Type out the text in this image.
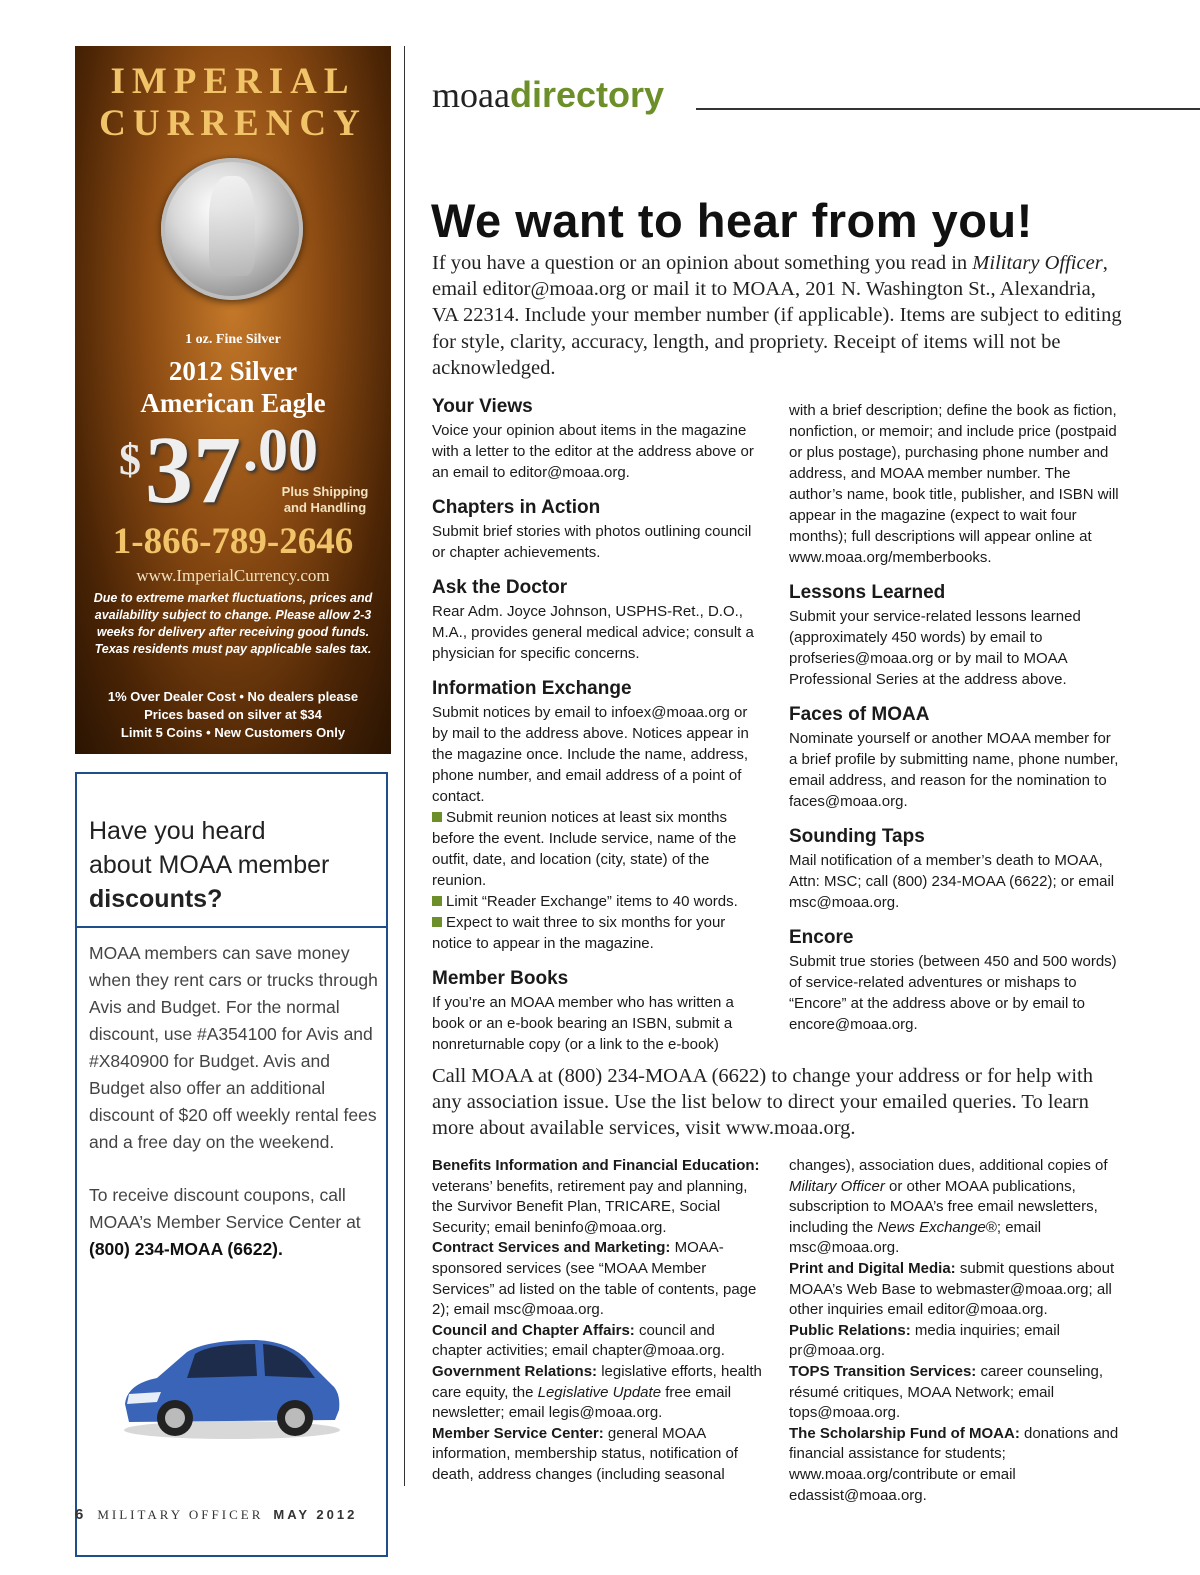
IMPERIAL
CURRENCY
1 oz. Fine Silver
2012 Silver
American Eagle
$ 37 .00
Plus Shipping and Handling
1-866-789-2646
www.ImperialCurrency.com
Due to extreme market fluctuations, prices and availability subject to change. Please allow 2-3 weeks for delivery after receiving good funds. Texas residents must pay applicable sales tax.
1% Over Dealer Cost • No dealers please
Prices based on silver at $34
Limit 5 Coins • New Customers Only
Have you heard
about MOAA member
discounts?
MOAA members can save money when they rent cars or trucks through Avis and Budget. For the normal discount, use #A354100 for Avis and #X840900 for Budget. Avis and Budget also offer an additional discount of $20 off weekly rental fees and a free day on the weekend.
To receive discount coupons, call MOAA’s Member Service Center at
(800) 234-MOAA (6622).
moaadirectory
We want to hear from you!
If you have a question or an opinion about something you read in Military Officer, email editor@moaa.org or mail it to MOAA, 201 N. Washington St., Alexandria, VA 22314. Include your member number (if applicable). Items are subject to editing for style, clarity, accuracy, length, and propriety. Receipt of items will not be acknowledged.
Your Views

Voice your opinion about items in the magazine with a letter to the editor at the address above or an email to editor@moaa.org.

Chapters in Action

Submit brief stories with photos outlining council or chapter achievements.

Ask the Doctor

Rear Adm. Joyce Johnson, USPHS-Ret., D.O., M.A., provides general medical advice; consult a physician for specific concerns.

Information Exchange

Submit notices by email to infoex@moaa.org or by mail to the address above. Notices appear in the magazine once. Include the name, address, phone number, and email address of a point of contact.

Submit reunion notices at least six months before the event. Include service, name of the outfit, date, and location (city, state) of the reunion.

Limit “Reader Exchange” items to 40 words.

Expect to wait three to six months for your notice to appear in the magazine.

Member Books

If you’re an MOAA member who has written a book or an e-book bearing an ISBN, submit a nonreturnable copy (or a link to the e-book)

with a brief description; define the book as fiction, nonfiction, or memoir; and include price (postpaid or plus postage), purchasing phone number and address, and MOAA member number. The author’s name, book title, publisher, and ISBN will appear in the magazine (expect to wait four months); full descriptions will appear online at www.moaa.org/memberbooks.

Lessons Learned

Submit your service-related lessons learned (approximately 450 words) by email to profseries@moaa.org or by mail to MOAA Professional Series at the address above.

Faces of MOAA

Nominate yourself or another MOAA member for a brief profile by submitting name, phone number, email address, and reason for the nomination to faces@moaa.org.

Sounding Taps

Mail notification of a member’s death to MOAA, Attn: MSC; call (800) 234-MOAA (6622); or email msc@moaa.org.

Encore

Submit true stories (between 450 and 500 words) of service-related adventures or mishaps to “Encore” at the address above or by email to encore@moaa.org.

Call MOAA at (800) 234-MOAA (6622) to change your address or for help with any association issue. Use the list below to direct your emailed queries. To learn more about available services, visit www.moaa.org.

Benefits Information and Financial Education: veterans’ benefits, retirement pay and planning, the Survivor Benefit Plan, TRICARE, Social Security; email beninfo@moaa.org.

Contract Services and Marketing: MOAA-sponsored services (see “MOAA Member Services” ad listed on the table of contents, page 2); email msc@moaa.org.

Council and Chapter Affairs: council and chapter activities; email chapter@moaa.org.

Government Relations: legislative efforts, health care equity, the Legislative Update free email newsletter; email legis@moaa.org.

Member Service Center: general MOAA information, membership status, notification of death, address changes (including seasonal

changes), association dues, additional copies of Military Officer or other MOAA publications, subscription to MOAA’s free email newsletters, including the News Exchange®; email msc@moaa.org.

Print and Digital Media: submit questions about MOAA’s Web Base to webmaster@moaa.org; all other inquiries email editor@moaa.org.

Public Relations: media inquiries; email pr@moaa.org.

TOPS Transition Services: career counseling, résumé critiques, MOAA Network; email tops@moaa.org.

The Scholarship Fund of MOAA: donations and financial assistance for students; www.moaa.org/contribute or email edassist@moaa.org.

6 MILITARY OFFICER MAY 2012
